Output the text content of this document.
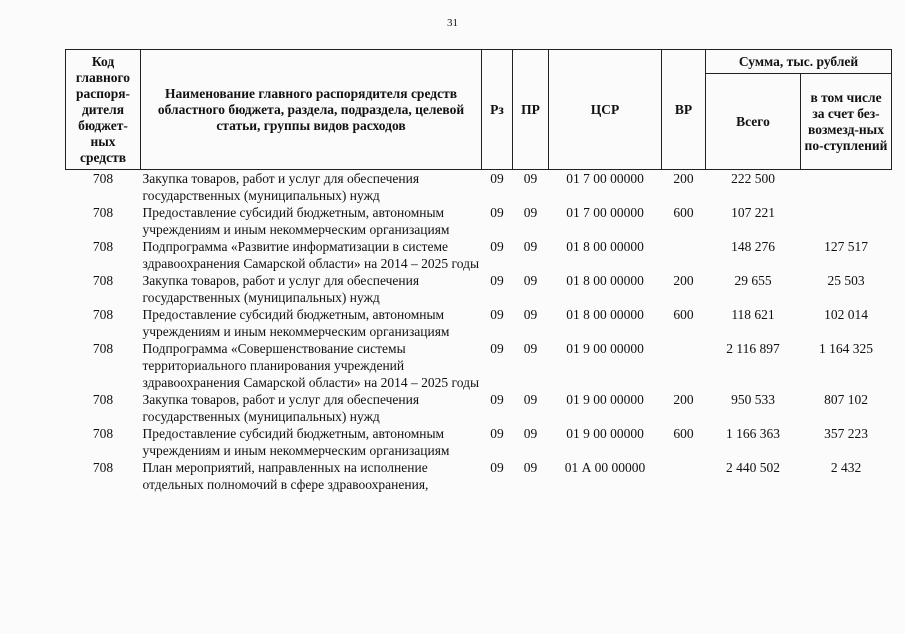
31
Код главного распоря-дителя бюджет-ных средств	Наименование главного распорядителя средств областного бюджета, раздела, подраздела, целевой статьи, группы видов расходов	Рз	ПР	ЦСР	ВР	Сумма, тыс. рублей	
						Всего	в том числе за счет без-возмезд-ных по-ступлений
708	Закупка товаров, работ и услуг для обеспечения государственных (муниципальных) нужд	09	09	01 7 00 00000	200	222 500	
708	Предоставление субсидий бюджетным, автономным учреждениям и иным некоммерческим организациям	09	09	01 7 00 00000	600	107 221	
708	Подпрограмма «Развитие информатизации в системе здравоохранения Самарской области» на 2014 – 2025 годы	09	09	01 8 00 00000		148 276	127 517
708	Закупка товаров, работ и услуг для обеспечения государственных (муниципальных) нужд	09	09	01 8 00 00000	200	29 655	25 503
708	Предоставление субсидий бюджетным, автономным учреждениям и иным некоммерческим организациям	09	09	01 8 00 00000	600	118 621	102 014
708	Подпрограмма «Совершенствование системы территориального планирования учреждений здравоохранения Самарской области» на 2014 – 2025 годы	09	09	01 9 00 00000		2 116 897	1 164 325
708	Закупка товаров, работ и услуг для обеспечения государственных (муниципальных) нужд	09	09	01 9 00 00000	200	950 533	807 102
708	Предоставление субсидий бюджетным, автономным учреждениям и иным некоммерческим организациям	09	09	01 9 00 00000	600	1 166 363	357 223
708	План мероприятий, направленных на исполнение отдельных полномочий в сфере здравоохранения,	09	09	01 А 00 00000		2 440 502	2 432
